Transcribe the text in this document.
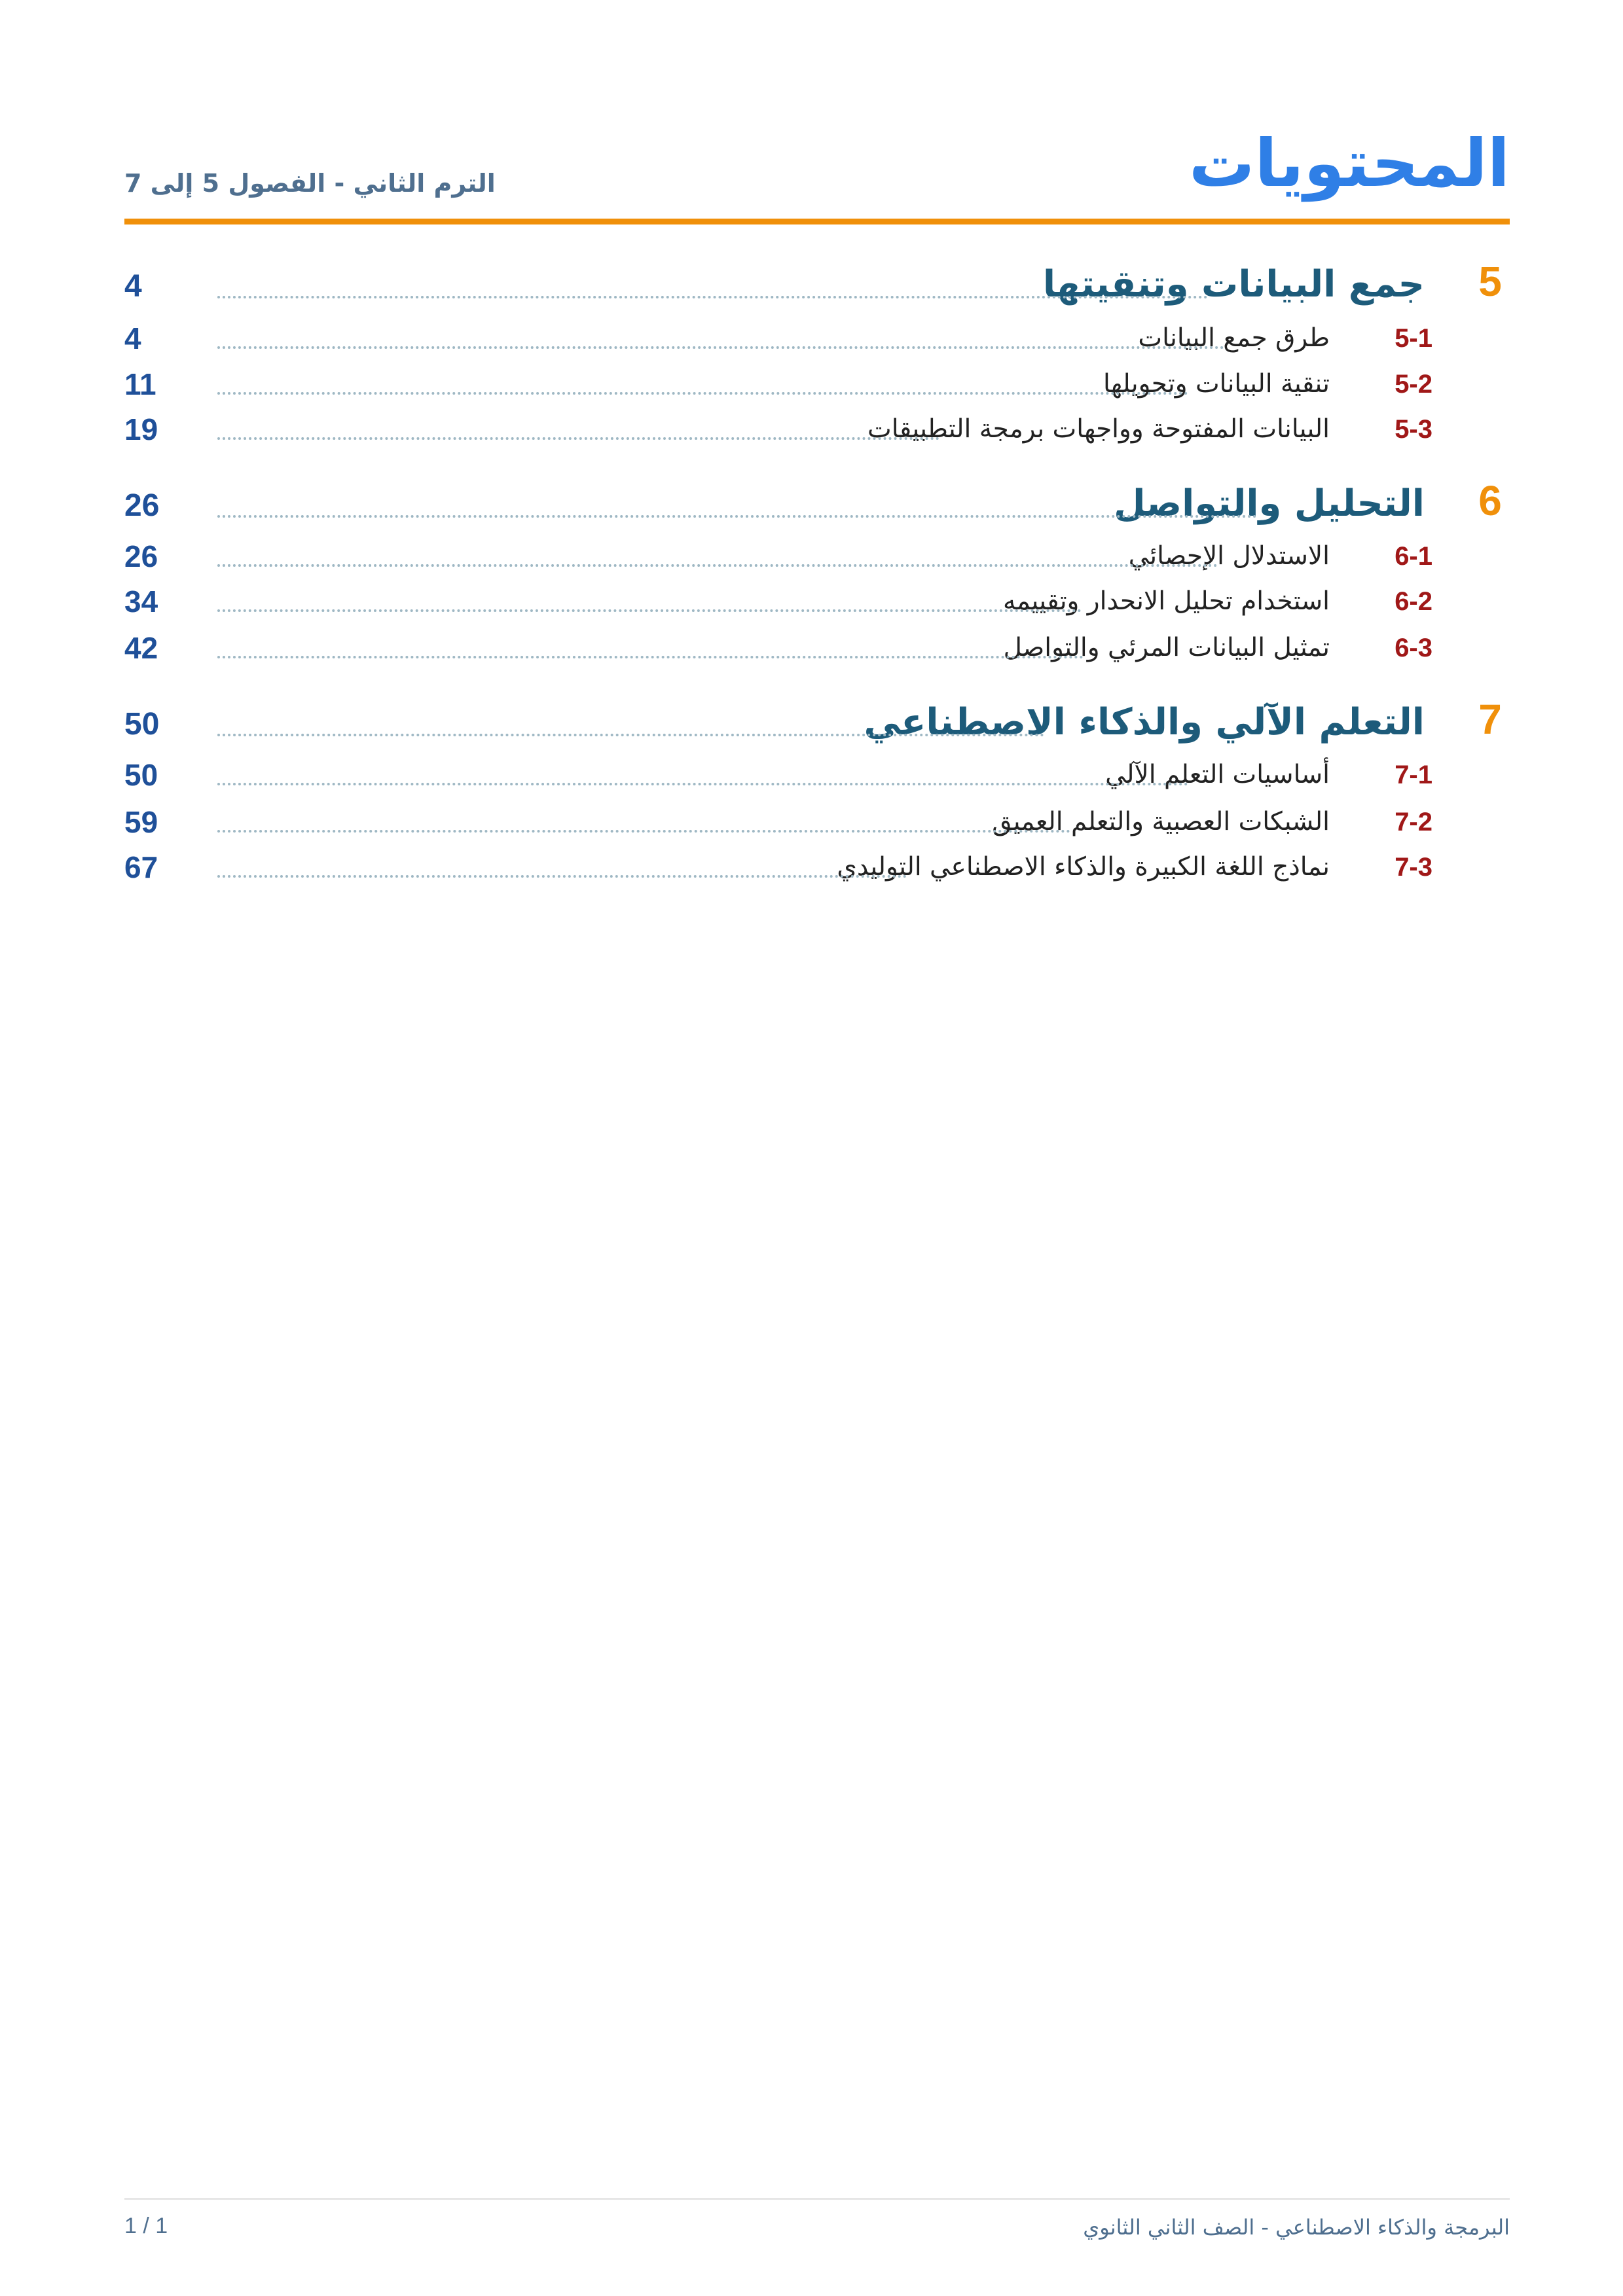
المحتويات
الترم الثاني - الفصول 5 إلى 7
5
جمع البيانات وتنقيتها
4
5-1
طرق جمع البيانات
4
5-2
تنقية البيانات وتحويلها
11
5-3
البيانات المفتوحة وواجهات برمجة التطبيقات
19
6
التحليل والتواصل
26
6-1
الاستدلال الإحصائي
26
6-2
استخدام تحليل الانحدار وتقييمه
34
6-3
تمثيل البيانات المرئي والتواصل
42
7
التعلم الآلي والذكاء الاصطناعي
50
7-1
أساسيات التعلم الآلي
50
7-2
الشبكات العصبية والتعلم العميق
59
7-3
نماذج اللغة الكبيرة والذكاء الاصطناعي التوليدي
67
البرمجة والذكاء الاصطناعي - الصف الثاني الثانوي
1 / 1
